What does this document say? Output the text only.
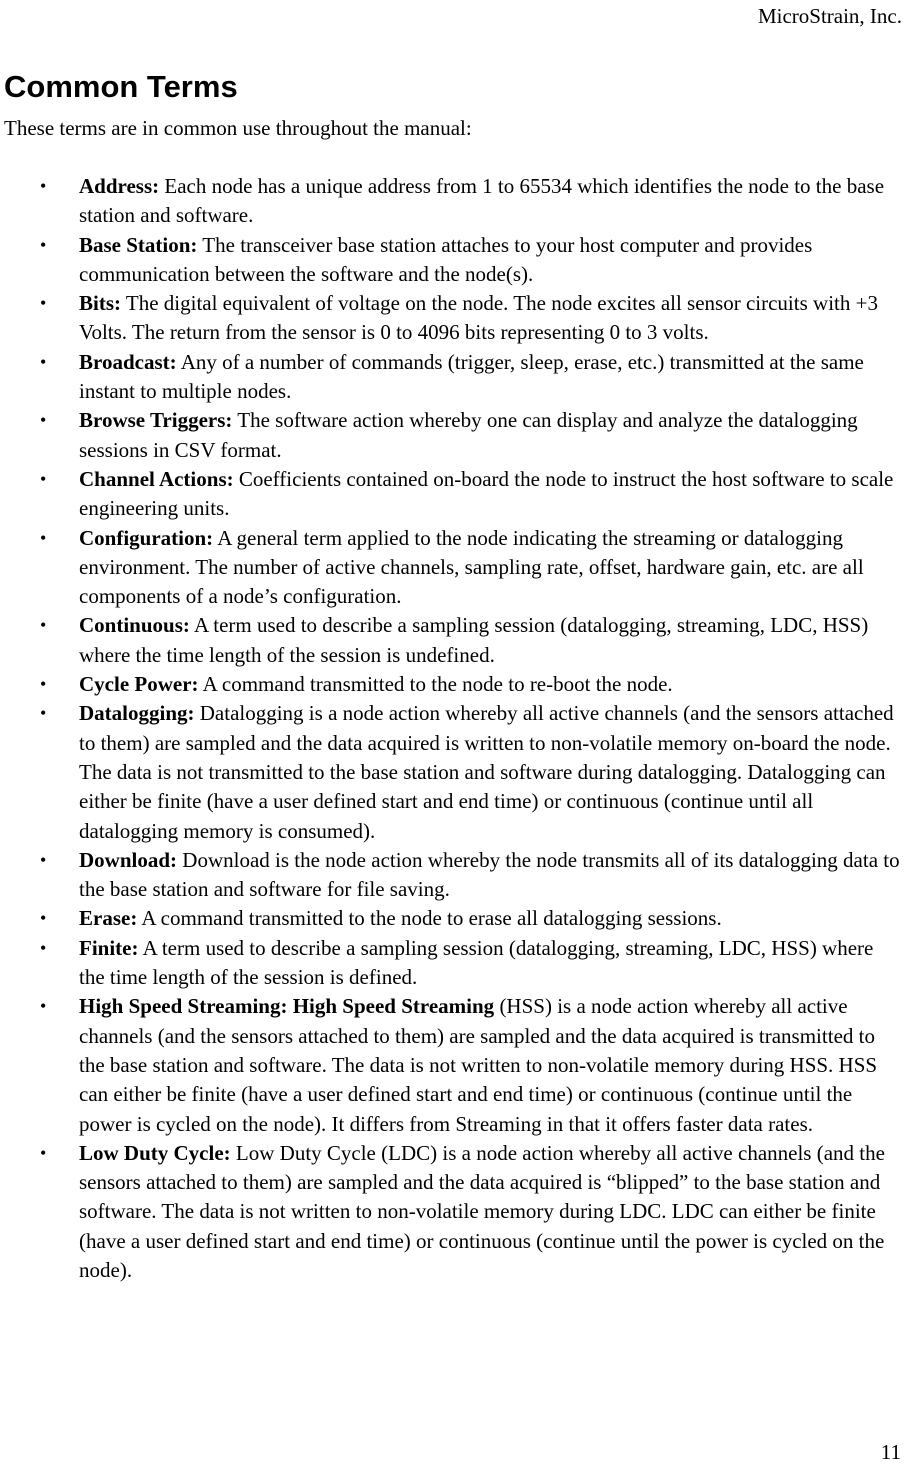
MicroStrain, Inc.
Common Terms

These terms are in common use throughout the manual:

• Address: Each node has a unique address from 1 to 65534 which identifies the node to the base station and software.
• Base Station: The transceiver base station attaches to your host computer and provides communication between the software and the node(s).
• Bits: The digital equivalent of voltage on the node. The node excites all sensor circuits with +3 Volts. The return from the sensor is 0 to 4096 bits representing 0 to 3 volts.
• Broadcast: Any of a number of commands (trigger, sleep, erase, etc.) transmitted at the same instant to multiple nodes.
• Browse Triggers: The software action whereby one can display and analyze the datalogging sessions in CSV format.
• Channel Actions: Coefficients contained on-board the node to instruct the host software to scale engineering units.
• Configuration: A general term applied to the node indicating the streaming or datalogging environment. The number of active channels, sampling rate, offset, hardware gain, etc. are all components of a node’s configuration.
• Continuous: A term used to describe a sampling session (datalogging, streaming, LDC, HSS) where the time length of the session is undefined.
• Cycle Power: A command transmitted to the node to re-boot the node.
• Datalogging: Datalogging is a node action whereby all active channels (and the sensors attached to them) are sampled and the data acquired is written to non-volatile memory on-board the node. The data is not transmitted to the base station and software during datalogging. Datalogging can either be finite (have a user defined start and end time) or continuous (continue until all datalogging memory is consumed).
• Download: Download is the node action whereby the node transmits all of its datalogging data to the base station and software for file saving.
• Erase: A command transmitted to the node to erase all datalogging sessions.
• Finite: A term used to describe a sampling session (datalogging, streaming, LDC, HSS) where the time length of the session is defined.
• High Speed Streaming: High Speed Streaming (HSS) is a node action whereby all active channels (and the sensors attached to them) are sampled and the data acquired is transmitted to the base station and software. The data is not written to non-volatile memory during HSS. HSS can either be finite (have a user defined start and end time) or continuous (continue until the power is cycled on the node). It differs from Streaming in that it offers faster data rates.
• Low Duty Cycle: Low Duty Cycle (LDC) is a node action whereby all active channels (and the sensors attached to them) are sampled and the data acquired is “blipped” to the base station and software. The data is not written to non-volatile memory during LDC. LDC can either be finite (have a user defined start and end time) or continuous (continue until the power is cycled on the node).
11
